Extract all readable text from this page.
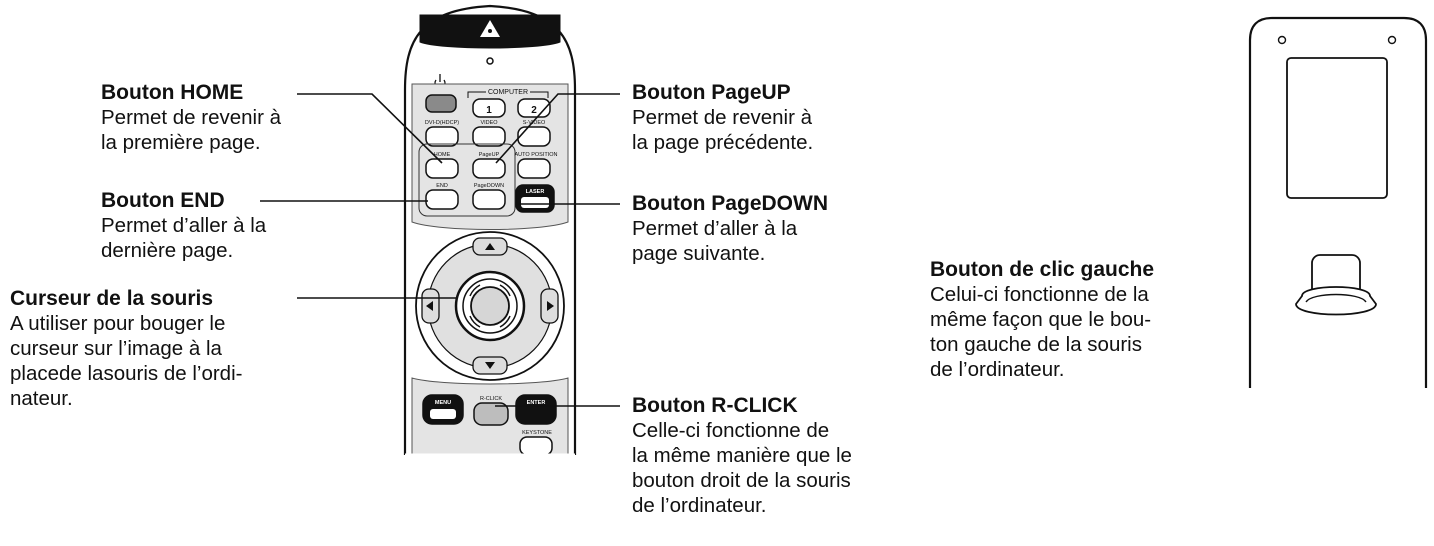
COMPUTER
1	2
DVI-D(HDCP)	VIDEO	S-VIDEO
HOME	PageUP	AUTO POSITION
END	PageDOWN
LASER
MENU
R-CLICK
ENTER
KEYSTONE
Bouton HOME
Permet de revenir à
la première page.
Bouton END
Permet d’aller à la
dernière page.
Curseur de la souris
A utiliser pour bouger le
curseur sur l’image à la
placede lasouris de l’ordi-
nateur.
Bouton PageUP
Permet de revenir à
la page précédente.
Bouton PageDOWN
Permet d’aller à la
page suivante.
Bouton R-CLICK
Celle-ci fonctionne de
la même manière que le
bouton droit de la souris
de l’ordinateur.
Bouton de clic gauche
Celui-ci fonctionne de la
même façon que le bou-
ton gauche de la souris
de l’ordinateur.
